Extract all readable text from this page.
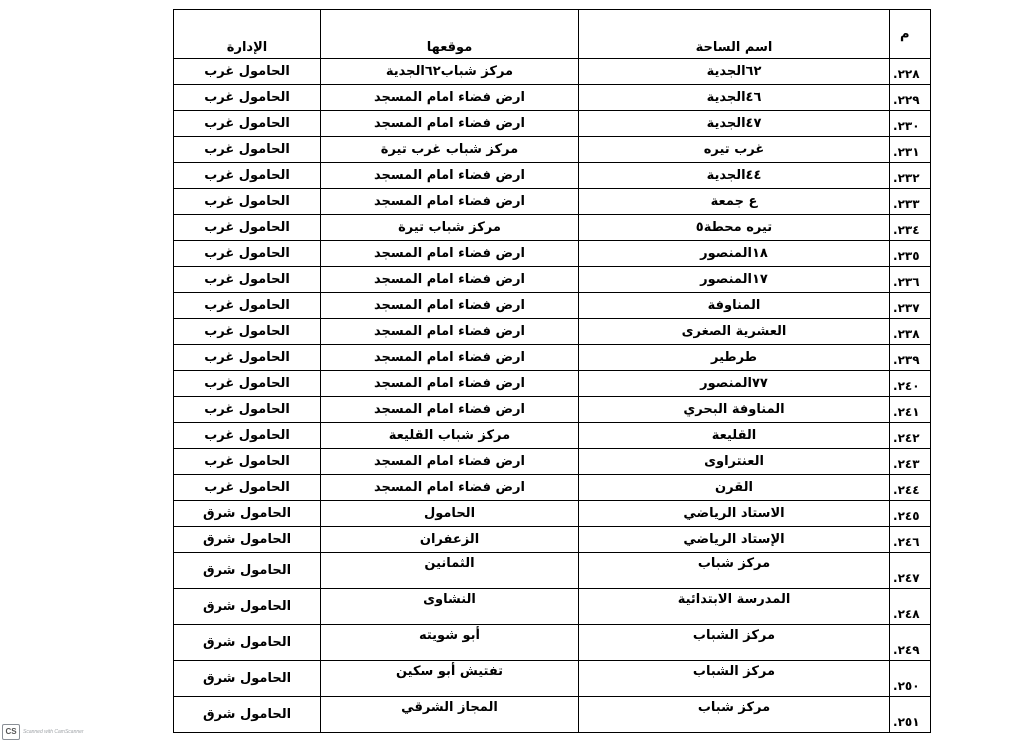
م	اسم الساحة	موقعها	الإدارة
٢٢٨.	٦٢الجدية	مركز شباب٦٢الجدية	الحامول غرب
٢٢٩.	٤٦الجدية	ارض فضاء امام المسجد	الحامول غرب
٢٣٠.	٤٧الجدية	ارض فضاء امام المسجد	الحامول غرب
٢٣١.	غرب تيره	مركز شباب غرب تيرة	الحامول غرب
٢٣٢.	٤٤الجدية	ارض فضاء امام المسجد	الحامول غرب
٢٣٣.	ع جمعة	ارض فضاء امام المسجد	الحامول غرب
٢٣٤.	تيره محطة٥	مركز شباب تيرة	الحامول غرب
٢٣٥.	١٨المنصور	ارض فضاء امام المسجد	الحامول غرب
٢٣٦.	١٧المنصور	ارض فضاء امام المسجد	الحامول غرب
٢٣٧.	المناوفة	ارض فضاء امام المسجد	الحامول غرب
٢٣٨.	العشرية الصغرى	ارض فضاء امام المسجد	الحامول غرب
٢٣٩.	طرطير	ارض فضاء امام المسجد	الحامول غرب
٢٤٠.	٧٧المنصور	ارض فضاء امام المسجد	الحامول غرب
٢٤١.	المناوفة البحري	ارض فضاء امام المسجد	الحامول غرب
٢٤٢.	القليعة	مركز شباب القليعة	الحامول غرب
٢٤٣.	العنتراوى	ارض فضاء امام المسجد	الحامول غرب
٢٤٤.	القرن	ارض فضاء امام المسجد	الحامول غرب
٢٤٥.	الاستاد الرياضي	الحامول	الحامول شرق
٢٤٦.	الإستاد الرياضي	الزعفران	الحامول شرق
٢٤٧.	مركز شباب	الثمانين	الحامول شرق
٢٤٨.	المدرسة الابتدائية	النشاوى	الحامول شرق
٢٤٩.	مركز الشباب	أبو شويته	الحامول شرق
٢٥٠.	مركز الشباب	تفتيش أبو سكين	الحامول شرق
٢٥١.	مركز شباب	المجاز الشرقي	الحامول شرق
CS	Scanned with CamScanner
